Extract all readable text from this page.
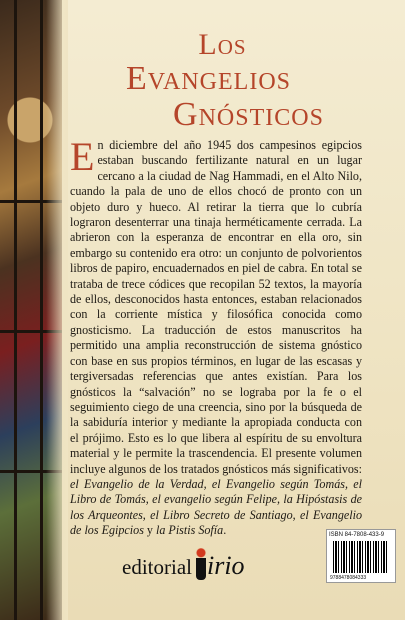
Los
Evangelios
Gnósticos
En diciembre del año 1945 dos campesinos egipcios estaban buscando fertilizante natural en un lugar cercano a la ciudad de Nag Hammadi, en el Alto Nilo, cuando la pala de uno de ellos chocó de pronto con un objeto duro y hueco. Al retirar la tierra que lo cubría lograron desenterrar una tinaja herméticamente cerrada. La abrieron con la esperanza de encontrar en ella oro, sin embargo su contenido era otro: un conjunto de polvorientos libros de papiro, encuadernados en piel de cabra. En total se trataba de trece códices que recopilan 52 textos, la mayoría de ellos, desconocidos hasta entonces, estaban relacionados con la corriente mística y filosófica conocida como gnosticismo. La traducción de estos manuscritos ha permitido una amplia reconstrucción de sistema gnóstico con base en sus propios términos, en lugar de las escasas y tergiversadas referencias que antes existían. Para los gnósticos la “salvación” no se lograba por la fe o el seguimiento ciego de una creencia, sino por la búsqueda de la sabiduría interior y mediante la apropiada conducta con el prójimo. Esto es lo que libera al espíritu de su envoltura material y le permite la trascendencia. El presente volumen incluye algunos de los tratados gnósticos más significativos: el Evangelio de la Verdad, el Evangelio según Tomás, el Libro de Tomás, el evangelio según Felipe, la Hipóstasis de los Arqueontes, el Libro Secreto de Santiago, el Evangelio de los Egipcios y la Pistis Sofía.	ISBN 84-7808-433-9
9788478084333
editorial irio
